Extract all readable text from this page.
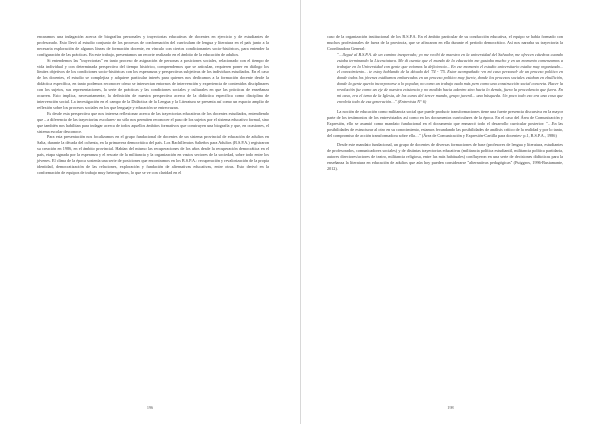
encaramos una indagación acerca de biografías personales y trayectorias educativas de docentes en ejercicio y de estudiantes de profesorado. Esto llevó al estudio conjunto de los procesos de conformación del currículum de lengua y literatura en el país junto a la necesaria exploración de algunos líneas de formación docente, en vínculo con ciertos condicionantes socio-históricos, para entender la configuración de las prácticas. En este trabajo, presentamos un recorte realizado en el ámbito de la educación de adultos.

Si entendemos las "trayectorias" en tanto proceso de asignación de personas a posiciones sociales, relacionado con el tiempo de vida individual y con determinada perspectiva del tiempo histórico, comprendemos que se articulan, requieren poner en diálogo los límites objetivos de los condiciones socio-históricas con los esperanzas y perspectivas subjetivas de los individuos estudiados. En el caso de los docentes, el estudio se complejiza y adquiere particular interés para quienes nos dedicamos a la formación docente desde la didáctica específica, en tanto podemos reconocer cómo se intersectan entornos de intervención y experiencia de contenidos disciplinares con los sujetos, sus representaciones, la serie de prácticas y las condiciones sociales y culturales en que las prácticas de enseñanza ocurren. Esto implica, necesariamente, la definición de nuestra perspectiva acerca de la didáctica específica como disciplina de intervención social. La investigación en el campo de la Didáctica de la Lengua y la Literatura se presenta así como un espacio amplio de reflexión sobre los procesos sociales en los que lenguaje y educación se entrecruzan.

Es desde esta perspectiva que nos interesa reflexionar acerca de las trayectorias educativas de los docentes estudiados, entendiendo que – a diferencia de las trayectorias escolares- no sólo nos permiten reconocer el paso de los sujetos por el sistema educativo formal, sino que también nos habilitan para indagar acerca de todos aquellos ámbitos formativos que construyen una biografía y que, en ocasiones, el sistema escolar desconoce.

Para esta presentación nos focalizamos en el grupo fundacional de docentes de un sistema provincial de educación de adultos en Salta, durante la década del ochenta, en la primavera democrática del país. Los Bachilleratos Salteños para Adultos (B.S.P.A.) registraron su creación en 1986, en el ámbito provincial. Habían del mismo las recuperaciones de los años desde la recuperación democrática en el país, etapa signada por la esperanza y el rescate de la militancia y la organización en vastos sectores de la sociedad, sobre todo entre los jóvenes. El clima de la época sostenía una serie de posiciones que encontramos en los B.S.P.A.: recuperación y revalorización de la propia identidad, democratización de las relaciones, exploración y fundación de alternativas educativas, entre otras. Esto derivó en la conformación de equipos de trabajo muy heterogéneos, lo que se ve con claridad en el

196

caso de la organización institucional de los B.S.P.A. En el ámbito particular de su conducción educativa, el equipo se había formado con muchos profesionales de fuera de la provincia, que se afincaron en ella durante el período democrático. Así nos narraba su trayectoria la Coordinadora General:

"…llegué al B.S.P.A. de un camino inesperado; yo me recibí de maestra en la universidad del Salvador, me ofrecen cátedras cuando estaba terminando la Licenciatura. Me di cuenta que el mundo de la educación me gustaba mucho y en un momento comenzamos a trabajar en la Universidad con gente que veíamos la deficiencia... En ese momento el estudio universitario estaba muy organizado... el conocimiento… te estoy hablando de la década del '74 - '75. Estar acompañado -en mi caso personal- de un proceso político en donde todos los jóvenes estábamos embarcados en un proceso político muy fuerte, donde los procesos sociales estaban en ebullición, donde la gente quería incorporarse a lo popular, no como un trabajo nada más pero como una construcción social concreta. Hacer la revolución fue como un eje de nuestra existencia y no medido hacia adentro sino hacia lo demás, fuera la procedencia que fuera. En mi caso, era el tema de la Iglesia, de los curas del tercer mundo, grupo juvenil... una búsqueda. Un poco todo eso era una cosa que envolvía todo de esa generación…" (Entrevista N° 6)

La noción de educación como militancia social que puede producir transformaciones tiene una fuerte presencia discursiva en la mayor parte de los testimonios de los entrevistados así como en los documentos curriculares de la época. En el caso del Área de Comunicación y Expresión, ello se asumió como mandato fundacional en el documento que enmarcó todo el desarrollo curricular posterior: "…En las posibilidades de estructurar al otro en su conocimiento, estamos fecundando las posibilidades de análisis crítico de la realidad y por lo tanto, del compromiso de acción transformadora sobre ella…" (Área de Comunicación y Expresión-Cartilla para docentes- p.1, B.S.P.A., 1986)

Desde este mandato fundacional, un grupo de docentes de diversas formaciones de base (profesores de lengua y literatura, estudiantes de profesorados, comunicadores sociales) y de distintas trayectorias educativas (militancia política estudiantil, militancia política partidaria, autores directores/actores de teatro, militancia religiosa, entre las más habituales) confluyeron en una serie de decisiones didácticas para la enseñanza la literatura en educación de adultos que aún hoy pueden considerarse "alternativas pedagógicas" (Puiggros, 1996-Bustamante, 2012).

198
